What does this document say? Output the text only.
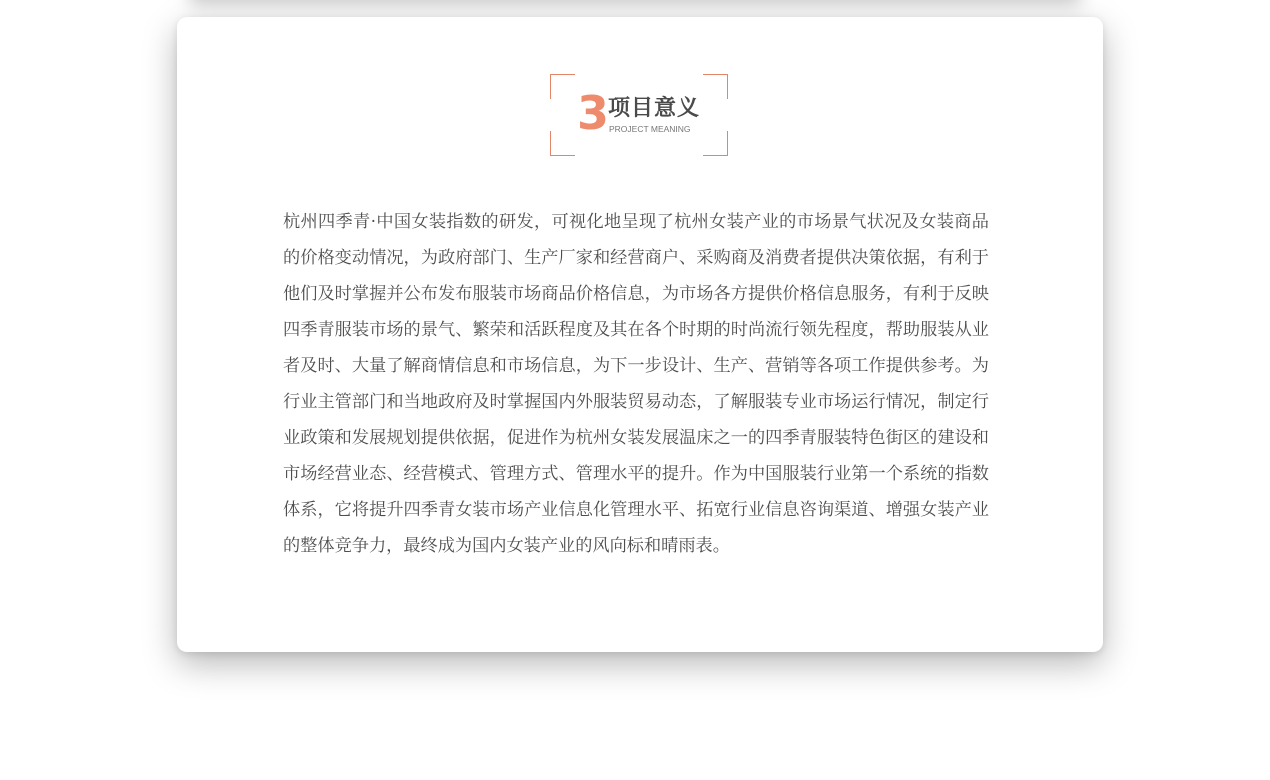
3
项目意义
PROJECT MEANING

杭州四季青·中国女装指数的研发，可视化地呈现了杭州女装产业的市场景气状况及女装商品的价格变动情况，为政府部门、生产厂家和经营商户、采购商及消费者提供决策依据，有利于他们及时掌握并公布发布服装市场商品价格信息，为市场各方提供价格信息服务，有利于反映四季青服装市场的景气、繁荣和活跃程度及其在各个时期的时尚流行领先程度，帮助服装从业者及时、大量了解商情信息和市场信息，为下一步设计、生产、营销等各项工作提供参考。为行业主管部门和当地政府及时掌握国内外服装贸易动态，了解服装专业市场运行情况，制定行业政策和发展规划提供依据，促进作为杭州女装发展温床之一的四季青服装特色街区的建设和市场经营业态、经营模式、管理方式、管理水平的提升。作为中国服装行业第一个系统的指数体系，它将提升四季青女装市场产业信息化管理水平、拓宽行业信息咨询渠道、增强女装产业的整体竞争力，最终成为国内女装产业的风向标和晴雨表。
